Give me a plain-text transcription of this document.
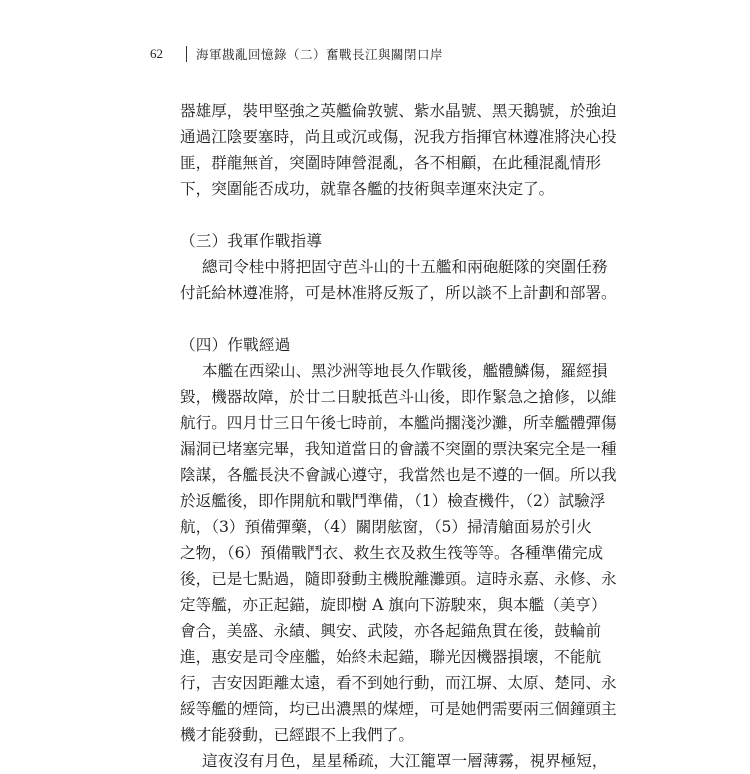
62	海軍戡亂回憶錄（二）奮戰長江與關閉口岸
器雄厚，裝甲堅強之英艦倫敦號、紫水晶號、黑天鵝號，於強迫
通過江陰要塞時，尚且或沉或傷，況我方指揮官林遵准將決心投
匪，群龍無首，突圍時陣營混亂，各不相顧，在此種混亂情形
下，突圍能否成功，就靠各艦的技術與幸運來決定了。
（三）我軍作戰指導
總司令桂中將把固守芭斗山的十五艦和兩砲艇隊的突圍任務
付託給林遵准將，可是林准將反叛了，所以談不上計劃和部署。
（四）作戰經過
本艦在西梁山、黑沙洲等地長久作戰後，艦體鱗傷，羅經損
毀，機器故障，於廿二日駛抵芭斗山後，即作緊急之搶修，以維
航行。四月廿三日午後七時前，本艦尚擱淺沙灘，所幸艦體彈傷
漏洞已堵塞完畢，我知道當日的會議不突圍的票決案完全是一種
陰謀，各艦長決不會誠心遵守，我當然也是不遵的一個。所以我
於返艦後，即作開航和戰鬥準備，（1）檢查機件，（2）試驗浮
航，（3）預備彈藥，（4）關閉舷窗，（5）掃清艙面易於引火
之物，（6）預備戰鬥衣、救生衣及救生筏等等。各種準備完成
後，已是七點過，隨即發動主機脫離灘頭。這時永嘉、永修、永
定等艦，亦正起錨，旋即樹 A 旗向下游駛來，與本艦（美亨）
會合，美盛、永績、興安、武陵，亦各起錨魚貫在後，鼓輪前
進，惠安是司令座艦，始終未起錨，聯光因機器損壞，不能航
行，吉安因距離太遠，看不到她行動，而江塀、太原、楚同、永
綏等艦的煙筒，均已出濃黑的煤煙，可是她們需要兩三個鐘頭主
機才能發動，已經跟不上我們了。
這夜沒有月色，星星稀疏，大江籠罩一層薄霧，視界極短，
